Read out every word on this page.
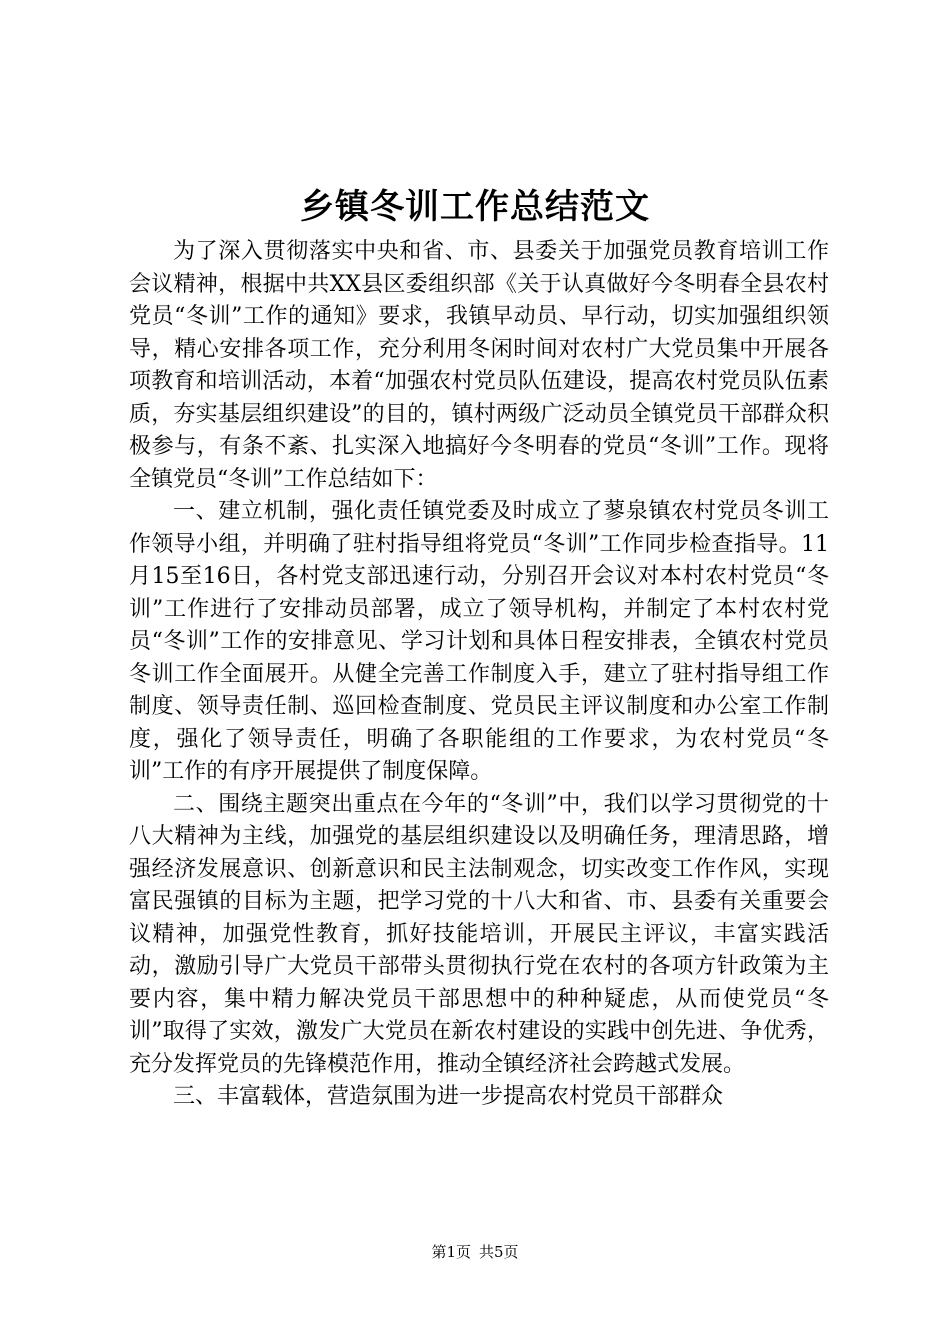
乡镇冬训工作总结范文

为了深入贯彻落实中央和省、市、县委关于加强党员教育培训工作会议精神，根据中共XX县区委组织部《关于认真做好今冬明春全县农村党员“冬训”工作的通知》要求，我镇早动员、早行动，切实加强组织领导，精心安排各项工作，充分利用冬闲时间对农村广大党员集中开展各项教育和培训活动，本着“加强农村党员队伍建设，提高农村党员队伍素质，夯实基层组织建设”的目的，镇村两级广泛动员全镇党员干部群众积极参与，有条不紊、扎实深入地搞好今冬明春的党员“冬训”工作。现将全镇党员“冬训”工作总结如下：

一、建立机制，强化责任镇党委及时成立了蓼泉镇农村党员冬训工作领导小组，并明确了驻村指导组将党员“冬训”工作同步检查指导。11月15至16日，各村党支部迅速行动，分别召开会议对本村农村党员“冬训”工作进行了安排动员部署，成立了领导机构，并制定了本村农村党员“冬训”工作的安排意见、学习计划和具体日程安排表，全镇农村党员冬训工作全面展开。从健全完善工作制度入手，建立了驻村指导组工作制度、领导责任制、巡回检查制度、党员民主评议制度和办公室工作制度，强化了领导责任，明确了各职能组的工作要求，为农村党员“冬训”工作的有序开展提供了制度保障。

二、围绕主题突出重点在今年的“冬训”中，我们以学习贯彻党的十八大精神为主线，加强党的基层组织建设以及明确任务，理清思路，增强经济发展意识、创新意识和民主法制观念，切实改变工作作风，实现富民强镇的目标为主题，把学习党的十八大和省、市、县委有关重要会议精神，加强党性教育，抓好技能培训，开展民主评议，丰富实践活动，激励引导广大党员干部带头贯彻执行党在农村的各项方针政策为主要内容，集中精力解决党员干部思想中的种种疑虑，从而使党员“冬训”取得了实效，激发广大党员在新农村建设的实践中创先进、争优秀，充分发挥党员的先锋模范作用，推动全镇经济社会跨越式发展。

三、丰富载体，营造氛围为进一步提高农村党员干部群众

第1页 共5页
